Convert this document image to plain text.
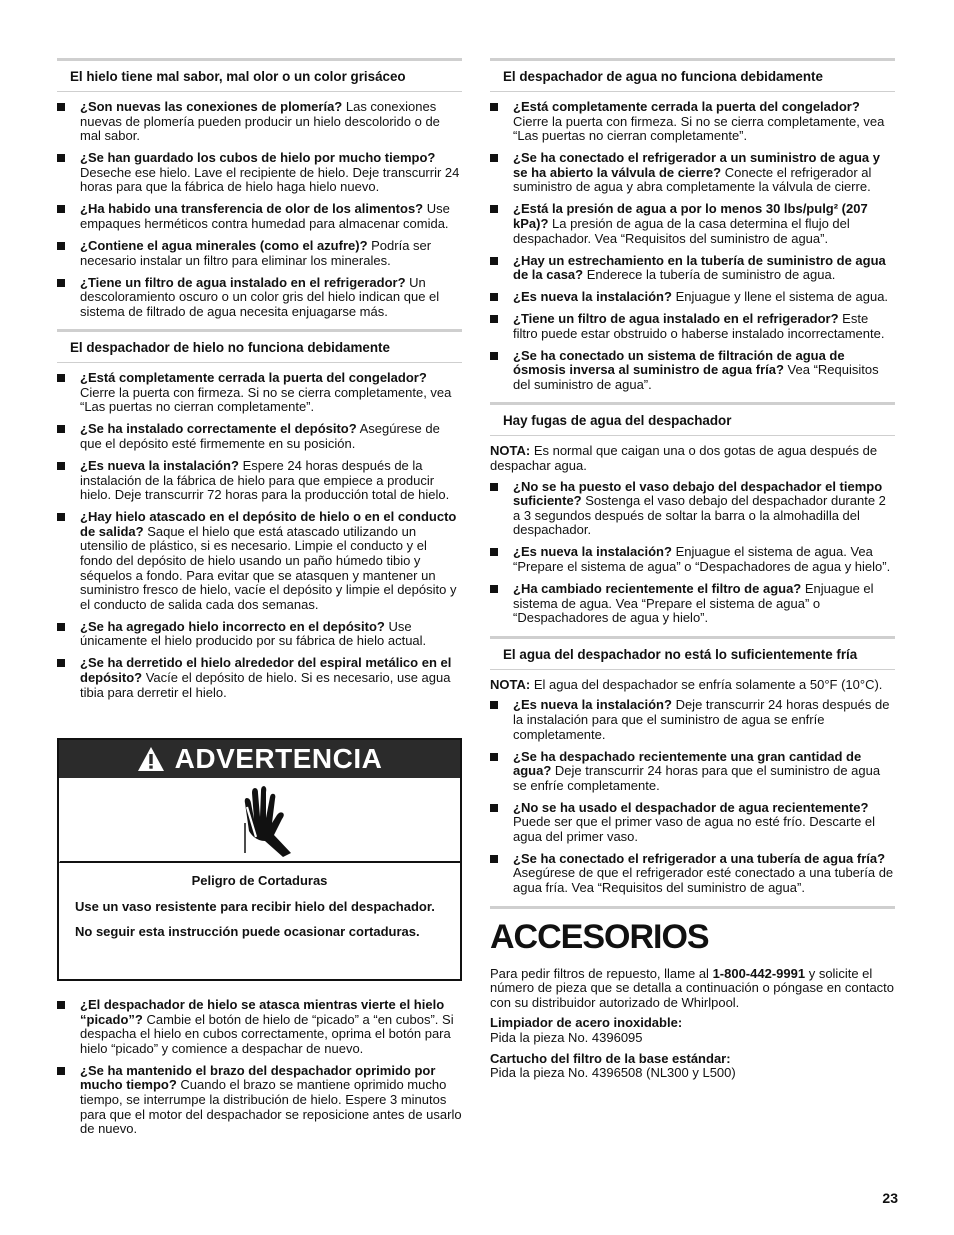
El hielo tiene mal sabor, mal olor o un color grisáceo
¿Son nuevas las conexiones de plomería? Las conexiones nuevas de plomería pueden producir un hielo descolorido o de mal sabor.
¿Se han guardado los cubos de hielo por mucho tiempo? Deseche ese hielo. Lave el recipiente de hielo. Deje transcurrir 24 horas para que la fábrica de hielo haga hielo nuevo.
¿Ha habido una transferencia de olor de los alimentos? Use empaques herméticos contra humedad para almacenar comida.
¿Contiene el agua minerales (como el azufre)? Podría ser necesario instalar un filtro para eliminar los minerales.
¿Tiene un filtro de agua instalado en el refrigerador? Un descoloramiento oscuro o un color gris del hielo indican que el sistema de filtrado de agua necesita enjuagarse más.
El despachador de hielo no funciona debidamente
¿Está completamente cerrada la puerta del congelador? Cierre la puerta con firmeza. Si no se cierra completamente, vea “Las puertas no cierran completamente”.
¿Se ha instalado correctamente el depósito? Asegúrese de que el depósito esté firmemente en su posición.
¿Es nueva la instalación? Espere 24 horas después de la instalación de la fábrica de hielo para que empiece a producir hielo. Deje transcurrir 72 horas para la producción total de hielo.
¿Hay hielo atascado en el depósito de hielo o en el conducto de salida? Saque el hielo que está atascado utilizando un utensilio de plástico, si es necesario. Limpie el conducto y el fondo del depósito de hielo usando un paño húmedo tibio y séquelos a fondo. Para evitar que se atasquen y mantener un suministro fresco de hielo, vacíe el depósito y limpie el depósito y el conducto de salida cada dos semanas.
¿Se ha agregado hielo incorrecto en el depósito? Use únicamente el hielo producido por su fábrica de hielo actual.
¿Se ha derretido el hielo alrededor del espiral metálico en el depósito? Vacíe el depósito de hielo. Si es necesario, use agua tibia para derretir el hielo.
ADVERTENCIA

Peligro de Cortaduras

Use un vaso resistente para recibir hielo del despachador.

No seguir esta instrucción puede ocasionar cortaduras.

¿El despachador de hielo se atasca mientras vierte el hielo “picado”? Cambie el botón de hielo de “picado” a “en cubos”. Si despacha el hielo en cubos correctamente, oprima el botón para hielo “picado” y comience a despachar de nuevo.
¿Se ha mantenido el brazo del despachador oprimido por mucho tiempo? Cuando el brazo se mantiene oprimido mucho tiempo, se interrumpe la distribución de hielo. Espere 3 minutos para que el motor del despachador se reposicione antes de usarlo de nuevo.
El despachador de agua no funciona debidamente
¿Está completamente cerrada la puerta del congelador? Cierre la puerta con firmeza. Si no se cierra completamente, vea “Las puertas no cierran completamente”.
¿Se ha conectado el refrigerador a un suministro de agua y se ha abierto la válvula de cierre? Conecte el refrigerador al suministro de agua y abra completamente la válvula de cierre.
¿Está la presión de agua a por lo menos 30 lbs/pulg² (207 kPa)? La presión de agua de la casa determina el flujo del despachador. Vea “Requisitos del suministro de agua”.
¿Hay un estrechamiento en la tubería de suministro de agua de la casa? Enderece la tubería de suministro de agua.
¿Es nueva la instalación? Enjuague y llene el sistema de agua.
¿Tiene un filtro de agua instalado en el refrigerador? Este filtro puede estar obstruido o haberse instalado incorrectamente.
¿Se ha conectado un sistema de filtración de agua de ósmosis inversa al suministro de agua fría? Vea “Requisitos del suministro de agua”.
Hay fugas de agua del despachador
NOTA: Es normal que caigan una o dos gotas de agua después de despachar agua.
¿No se ha puesto el vaso debajo del despachador el tiempo suficiente? Sostenga el vaso debajo del despachador durante 2 a 3 segundos después de soltar la barra o la almohadilla del despachador.
¿Es nueva la instalación? Enjuague el sistema de agua. Vea “Prepare el sistema de agua” o “Despachadores de agua y hielo”.
¿Ha cambiado recientemente el filtro de agua? Enjuague el sistema de agua. Vea “Prepare el sistema de agua” o “Despachadores de agua y hielo”.
El agua del despachador no está lo suficientemente fría
NOTA: El agua del despachador se enfría solamente a 50°F (10°C).
¿Es nueva la instalación? Deje transcurrir 24 horas después de la instalación para que el suministro de agua se enfríe completamente.
¿Se ha despachado recientemente una gran cantidad de agua? Deje transcurrir 24 horas para que el suministro de agua se enfríe completamente.
¿No se ha usado el despachador de agua recientemente? Puede ser que el primer vaso de agua no esté frío. Descarte el agua del primer vaso.
¿Se ha conectado el refrigerador a una tubería de agua fría? Asegúrese de que el refrigerador esté conectado a una tubería de agua fría. Vea “Requisitos del suministro de agua”.
ACCESORIOS
Para pedir filtros de repuesto, llame al 1-800-442-9991 y solicite el número de pieza que se detalla a continuación o póngase en contacto con su distribuidor autorizado de Whirlpool.
Limpiador de acero inoxidable:
Pida la pieza No. 4396095
Cartucho del filtro de la base estándar:
Pida la pieza No. 4396508 (NL300 y L500)
23
